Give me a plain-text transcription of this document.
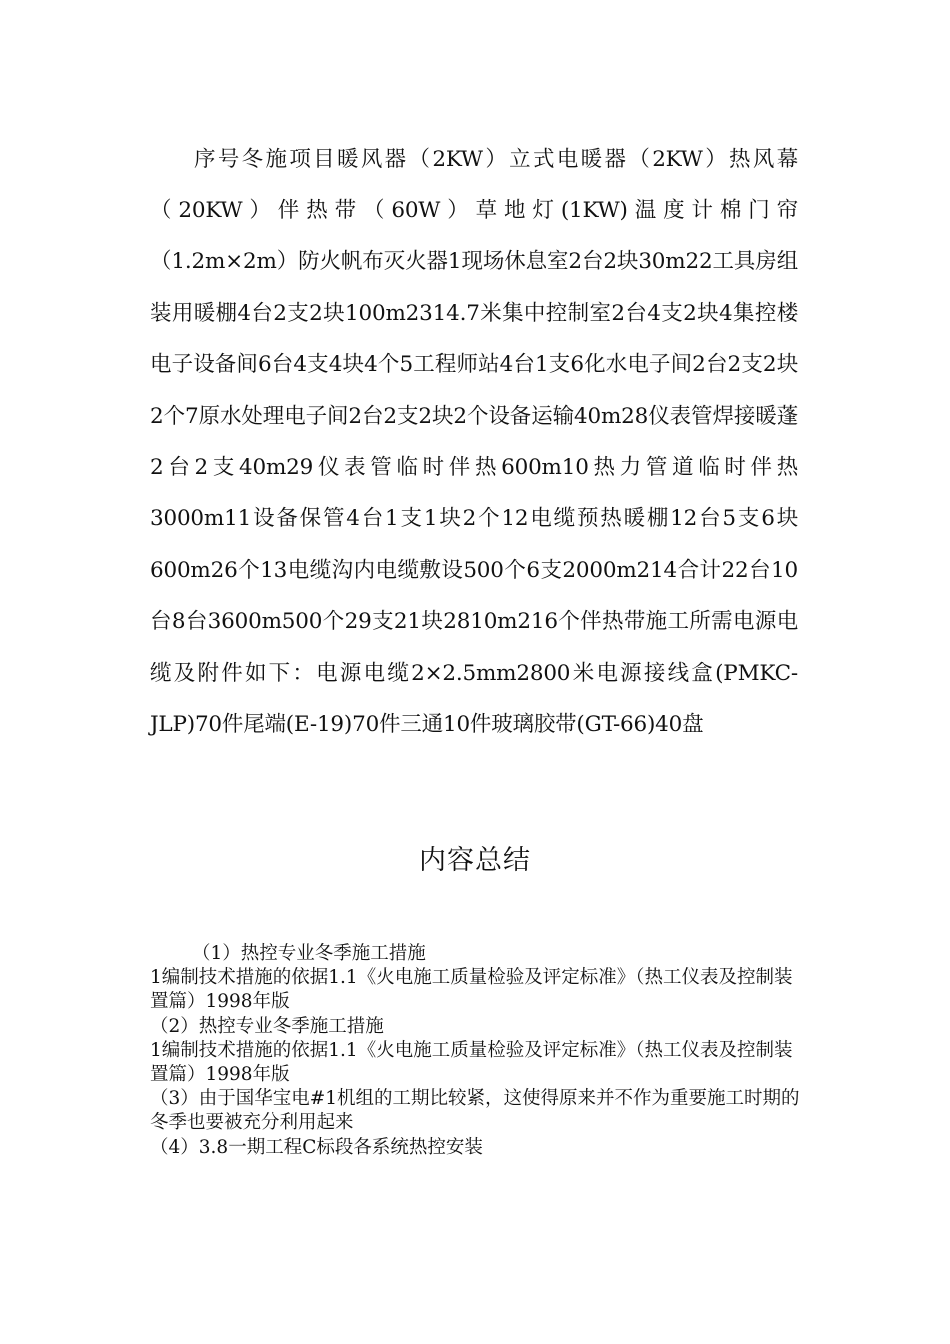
序号冬施项目暖风器（2KW）立式电暖器（2KW）热风幕（20KW）伴热带（60W）草地灯(1KW)温度计棉门帘（1.2m×2m）防火帆布灭火器1现场休息室2台2块30m22工具房组装用暖棚4台2支2块100m2314.7米集中控制室2台4支2块4集控楼电子设备间6台4支4块4个5工程师站4台1支6化水电子间2台2支2块2个7原水处理电子间2台2支2块2个设备运输40m28仪表管焊接暖蓬2台2支40m29仪表管临时伴热600m10热力管道临时伴热3000m11设备保管4台1支1块2个12电缆预热暖棚12台5支6块600m26个13电缆沟内电缆敷设500个6支2000m214合计22台10台8台3600m500个29支21块2810m216个伴热带施工所需电源电缆及附件如下：电源电缆2×2.5mm2800米电源接线盒(PMKC-JLP)70件尾端(E-19)70件三通10件玻璃胶带(GT-66)40盘

内容总结

（1）热控专业冬季施工措施

1编制技术措施的依据1.1《火电施工质量检验及评定标准》（热工仪表及控制装置篇）1998年版

（2）热控专业冬季施工措施

1编制技术措施的依据1.1《火电施工质量检验及评定标准》（热工仪表及控制装置篇）1998年版

（3）由于国华宝电#1机组的工期比较紧，这使得原来并不作为重要施工时期的冬季也要被充分利用起来

（4）3.8一期工程C标段各系统热控安装
